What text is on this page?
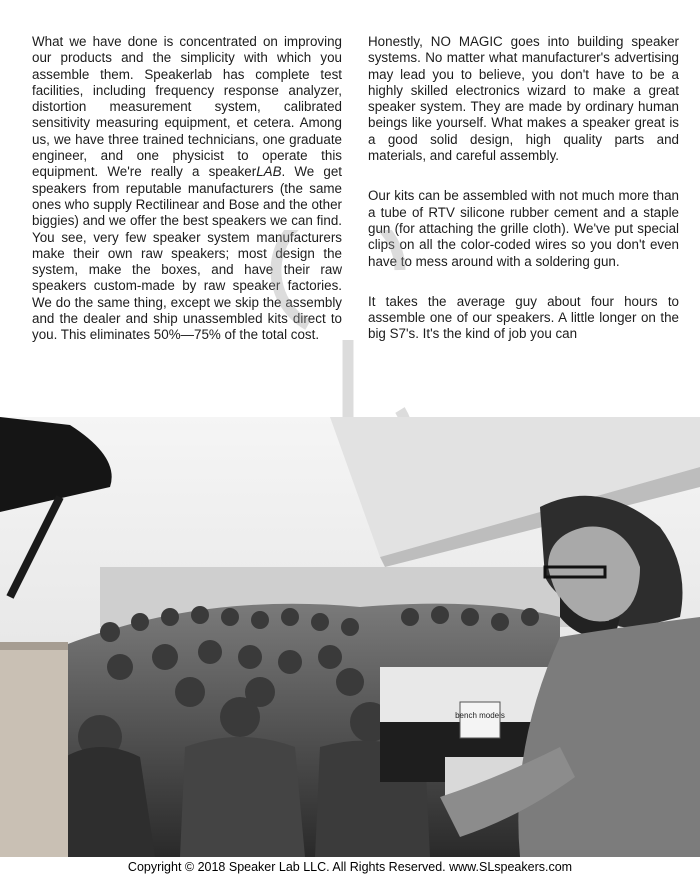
What we have done is concentrated on improving our products and the simplicity with which you assemble them. Speakerlab has complete test facilities, including frequency response analyzer, distortion measurement system, calibrated sensitivity measuring equipment, et cetera. Among us, we have three trained technicians, one graduate engineer, and one physicist to operate this equipment. We're really a speakerLAB. We get speakers from reputable manufacturers (the same ones who supply Rectilinear and Bose and the other biggies) and we offer the best speakers we can find. You see, very few speaker system manufacturers make their own raw speakers; most design the system, make the boxes, and have their raw speakers custom-made by raw speaker factories. We do the same thing, except we skip the assembly and the dealer and ship unassembled kits direct to you. This eliminates 50%—75% of the total cost.

Honestly, NO MAGIC goes into building speaker systems. No matter what manufacturer's advertising may lead you to believe, you don't have to be a highly skilled electronics wizard to make a great speaker system. They are made by ordinary human beings like yourself. What makes a speaker great is a good solid design, high quality parts and materials, and careful assembly.

Our kits can be assembled with not much more than a tube of RTV silicone rubber cement and a staple gun (for attaching the grille cloth). We've put special clips on all the color-coded wires so you don't even have to mess around with a soldering gun.

It takes the average guy about four hours to assemble one of our speakers. A little longer on the big S7's. It's the kind of job you can

bench models
Copyright © 2018 Speaker Lab LLC. All Rights Reserved. www.SLspeakers.com
